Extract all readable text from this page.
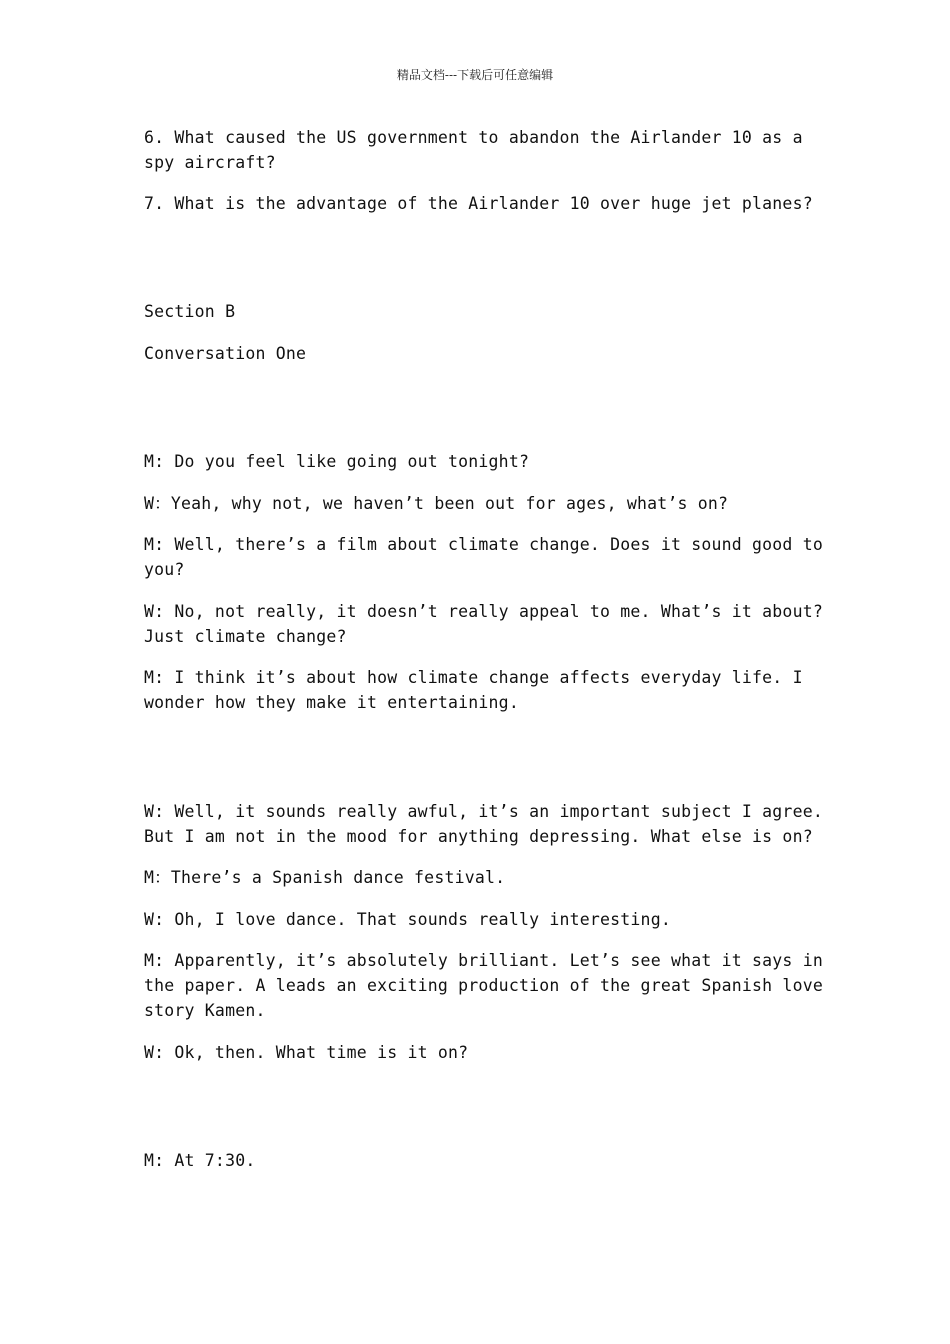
精品文档---下载后可任意编辑
6. What caused the US government to abandon the Airlander 10 as a spy aircraft?
7. What is the advantage of the Airlander 10 over huge jet planes?
Section B
Conversation One
M: Do you feel like going out tonight?
W：Yeah, why not, we haven’t been out for ages, what’s on?
M: Well, there’s a film about climate change. Does it sound good to you?
W: No, not really, it doesn’t really appeal to me. What’s it about? Just climate change?
M: I think it’s about how climate change affects everyday life. I wonder how they make it entertaining.
W: Well, it sounds really awful, it’s an important subject I agree. But I am not in the mood for anything depressing. What else is on?
M：There’s a Spanish dance festival.
W: Oh, I love dance. That sounds really interesting.
M: Apparently, it’s absolutely brilliant. Let’s see what it says in the paper. A leads an exciting production of the great Spanish love story Kamen.
W: Ok, then. What time is it on?
M: At 7:30.
